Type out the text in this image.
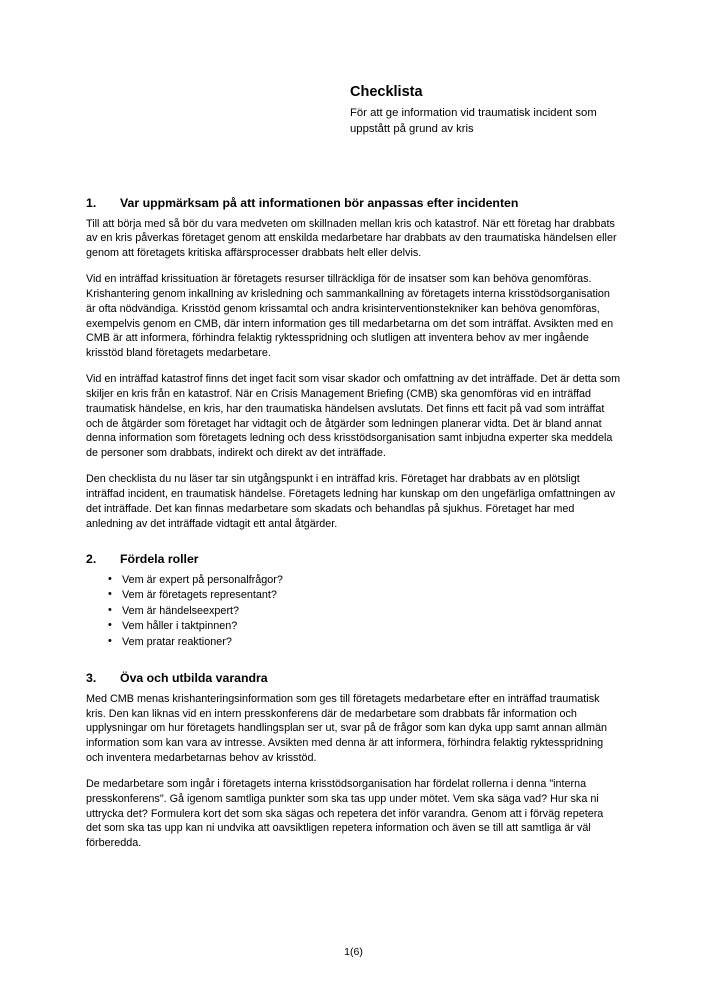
Checklista
För att ge information vid traumatisk incident som uppstått på grund av kris
1.	Var uppmärksam på att informationen bör anpassas efter incidenten

Till att börja med så bör du vara medveten om skillnaden mellan kris och katastrof. När ett företag har drabbats av en kris påverkas företaget genom att enskilda medarbetare har drabbats av den traumatiska händelsen eller genom att företagets kritiska affärsprocesser drabbats helt eller delvis.

Vid en inträffad krissituation är företagets resurser tillräckliga för de insatser som kan behöva genomföras. Krishantering genom inkallning av krisledning och sammankallning av företagets interna krisstödsorganisation är ofta nödvändiga. Krisstöd genom krissamtal och andra krisinterventionstekniker kan behöva genomföras, exempelvis genom en CMB, där intern information ges till medarbetarna om det som inträffat. Avsikten med en CMB är att informera, förhindra felaktig ryktesspridning och slutligen att inventera behov av mer ingående krisstöd bland företagets medarbetare.

Vid en inträffad katastrof finns det inget facit som visar skador och omfattning av det inträffade. Det är detta som skiljer en kris från en katastrof. När en Crisis Management Briefing (CMB) ska genomföras vid en inträffad traumatisk händelse, en kris, har den traumatiska händelsen avslutats. Det finns ett facit på vad som inträffat och de åtgärder som företaget har vidtagit och de åtgärder som ledningen planerar vidta. Det är bland annat denna information som företagets ledning och dess krisstödsorganisation samt inbjudna experter ska meddela de personer som drabbats, indirekt och direkt av det inträffade.

Den checklista du nu läser tar sin utgångspunkt i en inträffad kris. Företaget har drabbats av en plötsligt inträffad incident, en traumatisk händelse. Företagets ledning har kunskap om den ungefärliga omfattningen av det inträffade. Det kan finnas medarbetare som skadats och behandlas på sjukhus. Företaget har med anledning av det inträffade vidtagit ett antal åtgärder.

2.	Fördela roller
• Vem är expert på personalfrågor?
• Vem är företagets representant?
• Vem är händelseexpert?
• Vem håller i taktpinnen?
• Vem pratar reaktioner?
3.	Öva och utbilda varandra

Med CMB menas krishanteringsinformation som ges till företagets medarbetare efter en inträffad traumatisk kris. Den kan liknas vid en intern presskonferens där de medarbetare som drabbats får information och upplysningar om hur företagets handlingsplan ser ut, svar på de frågor som kan dyka upp samt annan allmän information som kan vara av intresse. Avsikten med denna är att informera, förhindra felaktig ryktesspridning och inventera medarbetarnas behov av krisstöd.

De medarbetare som ingår i företagets interna krisstödsorganisation har fördelat rollerna i denna "interna presskonferens". Gå igenom samtliga punkter som ska tas upp under mötet. Vem ska säga vad? Hur ska ni uttrycka det? Formulera kort det som ska sägas och repetera det inför varandra. Genom att i förväg repetera det som ska tas upp kan ni undvika att oavsiktligen repetera information och även se till att samtliga är väl förberedda.

1(6)
